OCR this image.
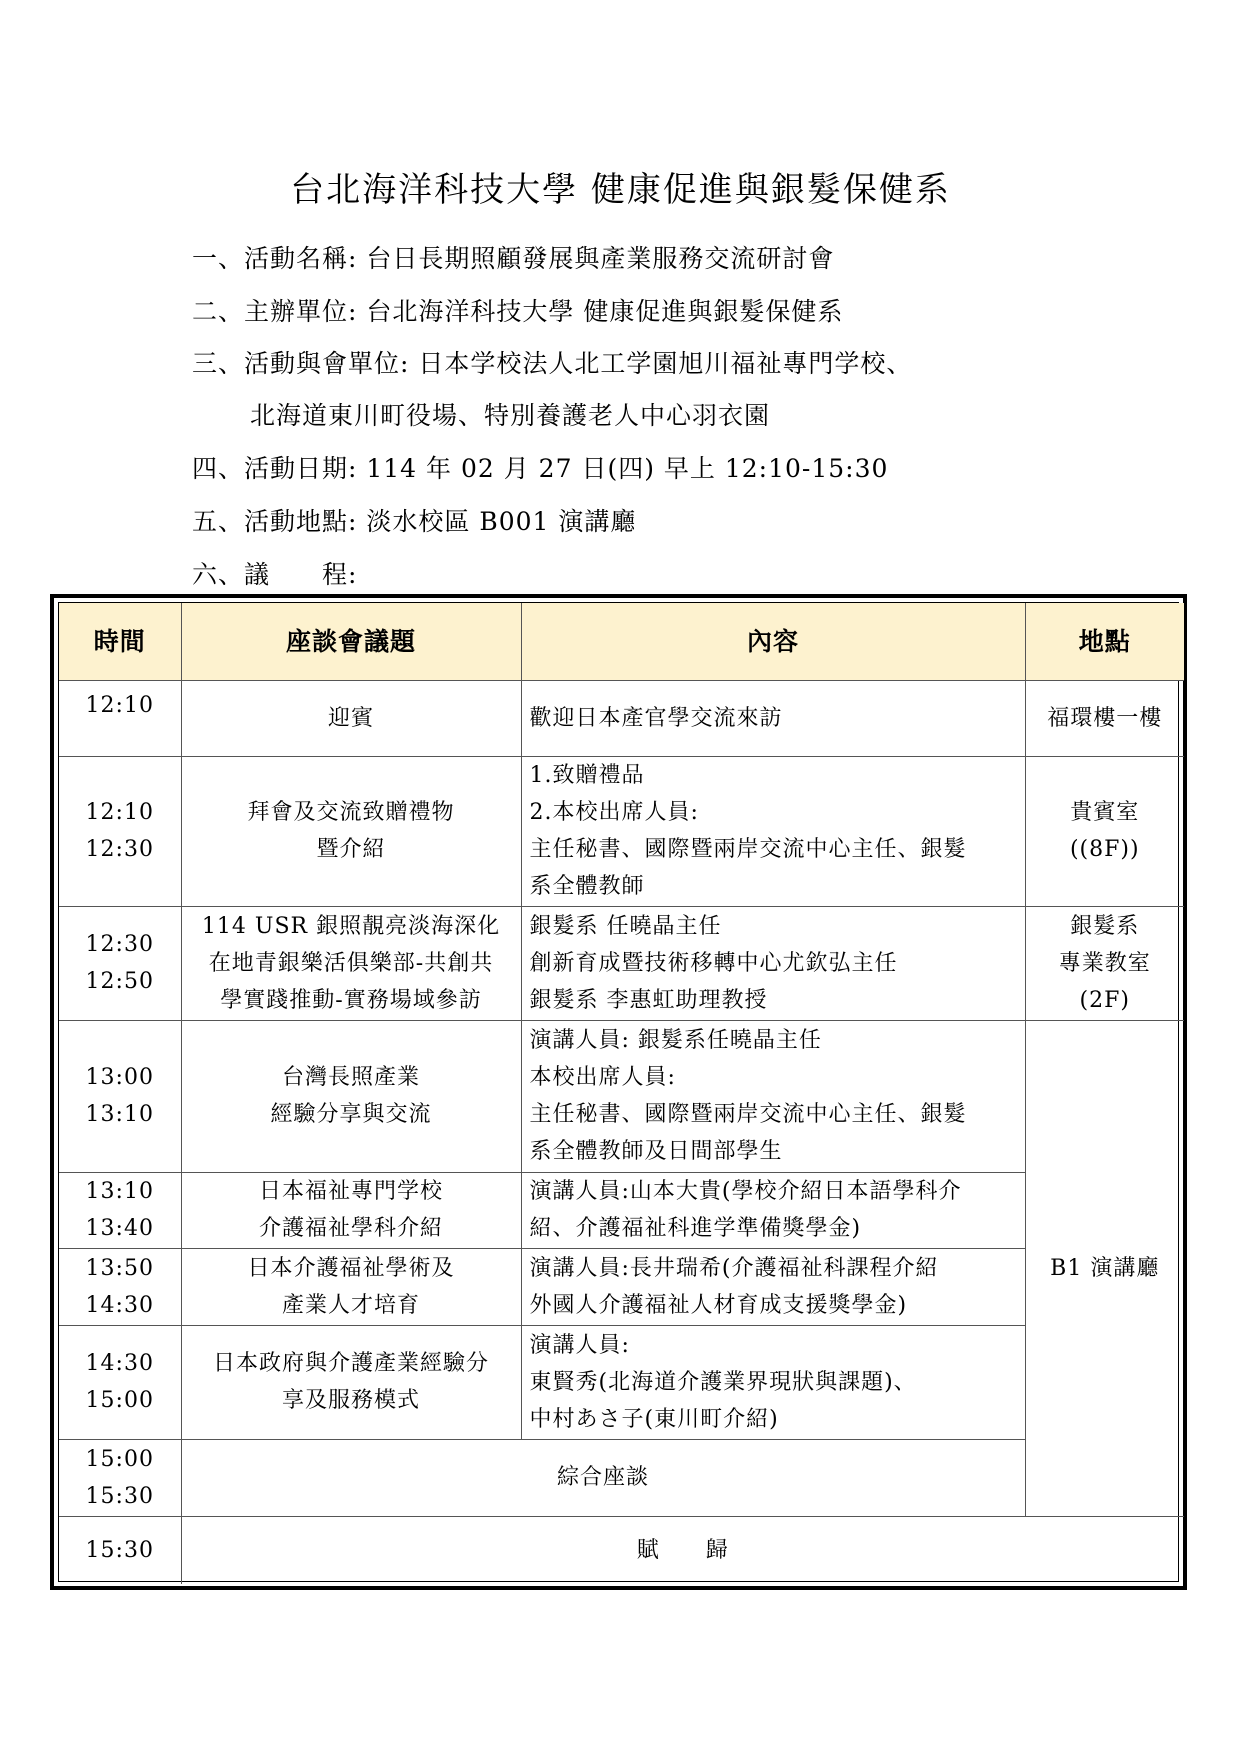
台北海洋科技大學 健康促進與銀髮保健系
一、活動名稱: 台日長期照顧發展與產業服務交流研討會
二、主辦單位: 台北海洋科技大學 健康促進與銀髮保健系
三、活動與會單位: 日本学校法人北工学園旭川福祉專門学校、
北海道東川町役場、特別養護老人中心羽衣園
四、活動日期: 114 年 02 月 27 日(四) 早上 12:10-15:30
五、活動地點: 淡水校區 B001 演講廳
六、議　　程:
時間	座談會議題	內容	地點

12:10	迎賓	歡迎日本產官學交流來訪	福環樓一樓

12:10
12:30	拜會及交流致贈禮物
暨介紹	1.致贈禮品
2.本校出席人員:
主任秘書、國際暨兩岸交流中心主任、銀髮
系全體教師	貴賓室
((8F))

12:30
12:50	114 USR 銀照靚亮淡海深化
在地青銀樂活俱樂部-共創共
學實踐推動-實務場域參訪	銀髮系 任曉晶主任
創新育成暨技術移轉中心尤欽弘主任
銀髮系 李惠虹助理教授	銀髮系
專業教室
(2F)

13:00
13:10	台灣長照產業
經驗分享與交流	演講人員: 銀髮系任曉晶主任
本校出席人員:
主任秘書、國際暨兩岸交流中心主任、銀髮
系全體教師及日間部學生	B1 演講廳

13:10
13:40	日本福祉專門学校
介護福祉學科介紹	演講人員:山本大貴(學校介紹日本語學科介
紹、介護福祉科進学準備獎學金)	

13:50
14:30	日本介護福祉學術及
產業人才培育	演講人員:長井瑞希(介護福祉科課程介紹
外國人介護福祉人材育成支援獎學金)	

14:30
15:00	日本政府與介護產業經驗分
享及服務模式	演講人員:
東賢秀(北海道介護業界現狀與課題)、
中村あさ子(東川町介紹)	

15:00
15:30	綜合座談		

15:30	賦　　歸		
